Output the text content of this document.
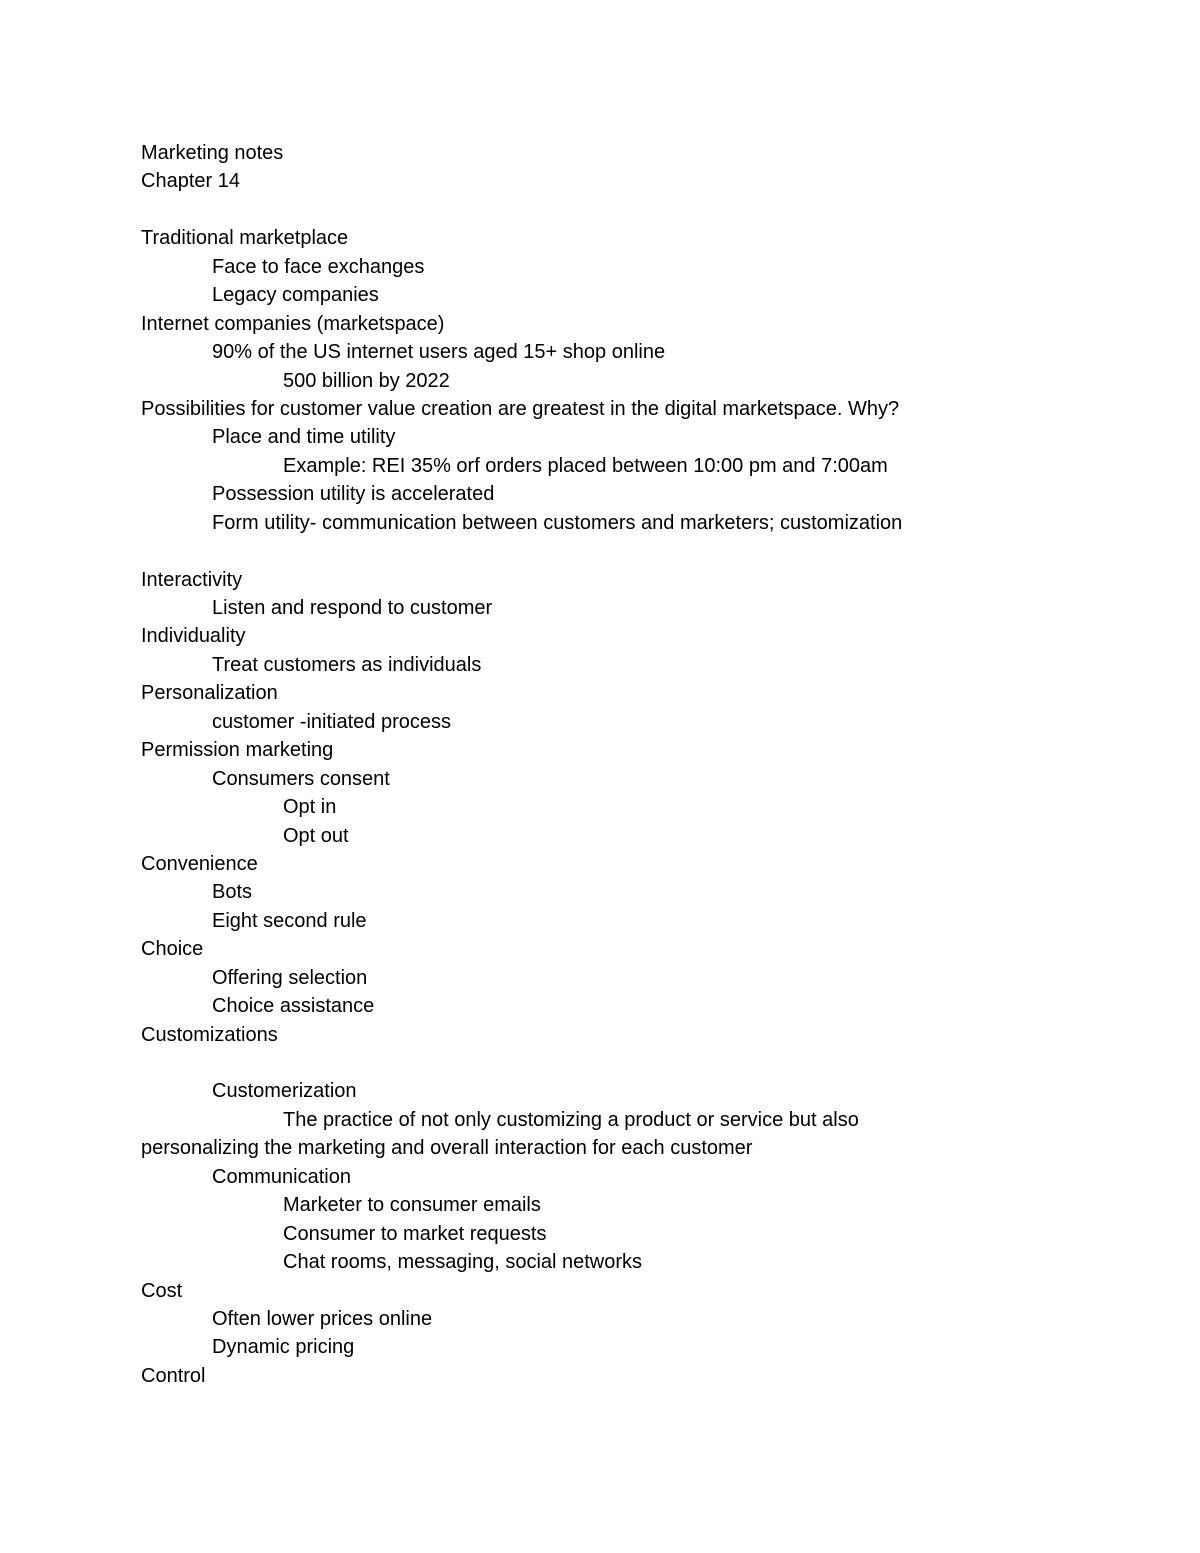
Marketing notes
Chapter 14
Traditional marketplace
Face to face exchanges
Legacy companies
Internet companies (marketspace)
90% of the US internet users aged 15+ shop online
500 billion by 2022
Possibilities for customer value creation are greatest in the digital marketspace. Why?
Place and time utility
Example: REI 35% orf orders placed between 10:00 pm and 7:00am
Possession utility is accelerated
Form utility- communication between customers and marketers; customization
Interactivity
Listen and respond to customer
Individuality
Treat customers as individuals
Personalization
customer -initiated process
Permission marketing
Consumers consent
Opt in
Opt out
Convenience
Bots
Eight second rule
Choice
Offering selection
Choice assistance
Customizations
Customerization
The practice of not only customizing a product or service but also
personalizing the marketing and overall interaction for each customer
Communication
Marketer to consumer emails
Consumer to market requests
Chat rooms, messaging, social networks
Cost
Often lower prices online
Dynamic pricing
Control
